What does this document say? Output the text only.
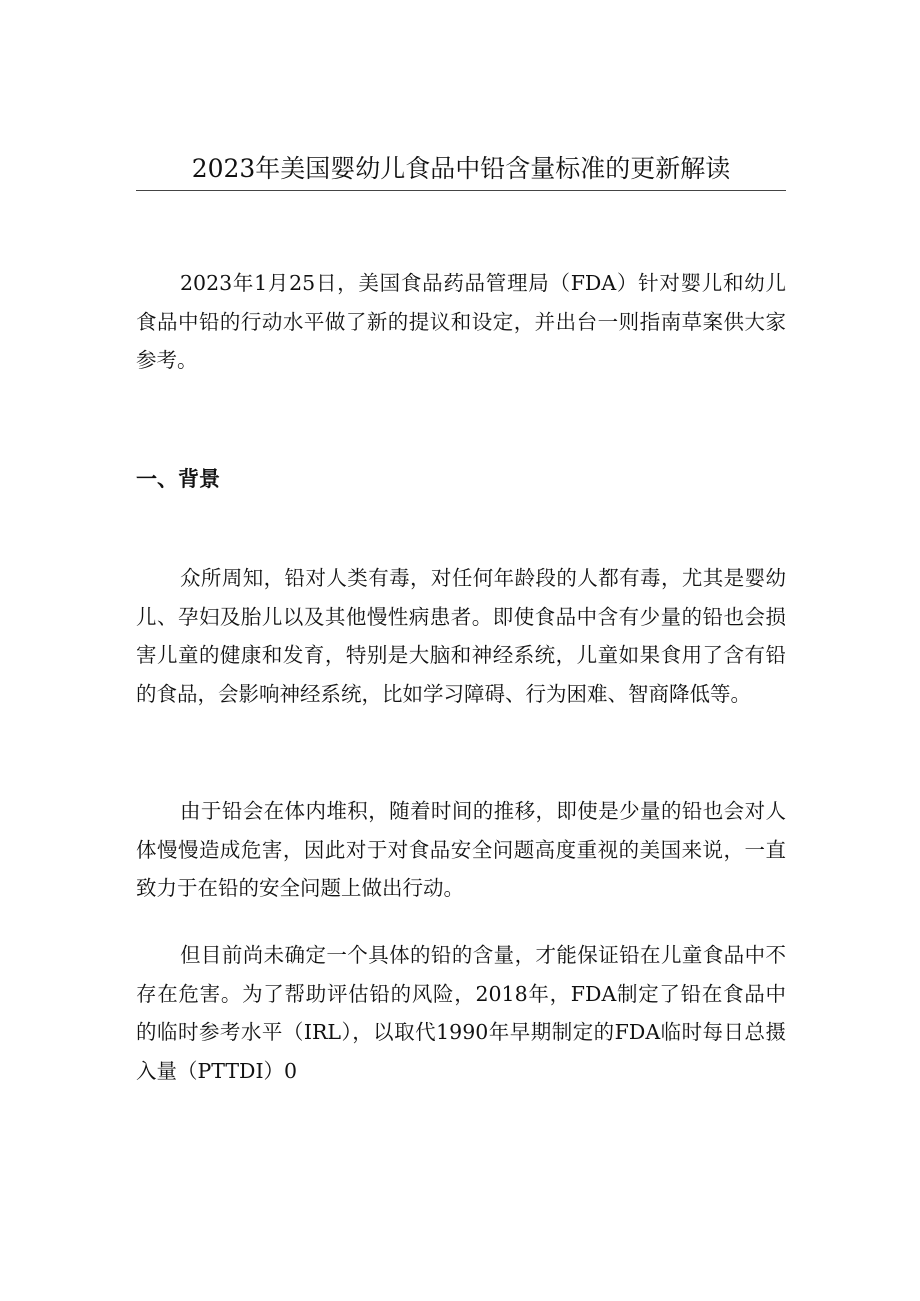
2023年美国婴幼儿食品中铅含量标准的更新解读

2023年1月25日，美国食品药品管理局（FDA）针对婴儿和幼儿食品中铅的行动水平做了新的提议和设定，并出台一则指南草案供大家参考。

一、背景

众所周知，铅对人类有毒，对任何年龄段的人都有毒，尤其是婴幼儿、孕妇及胎儿以及其他慢性病患者。即使食品中含有少量的铅也会损害儿童的健康和发育，特别是大脑和神经系统，儿童如果食用了含有铅的食品，会影响神经系统，比如学习障碍、行为困难、智商降低等。

由于铅会在体内堆积，随着时间的推移，即使是少量的铅也会对人体慢慢造成危害，因此对于对食品安全问题高度重视的美国来说，一直致力于在铅的安全问题上做出行动。

但目前尚未确定一个具体的铅的含量，才能保证铅在儿童食品中不存在危害。为了帮助评估铅的风险，2018年，FDA制定了铅在食品中的临时参考水平（IRL），以取代1990年早期制定的FDA临时每日总摄入量（PTTDI）0
